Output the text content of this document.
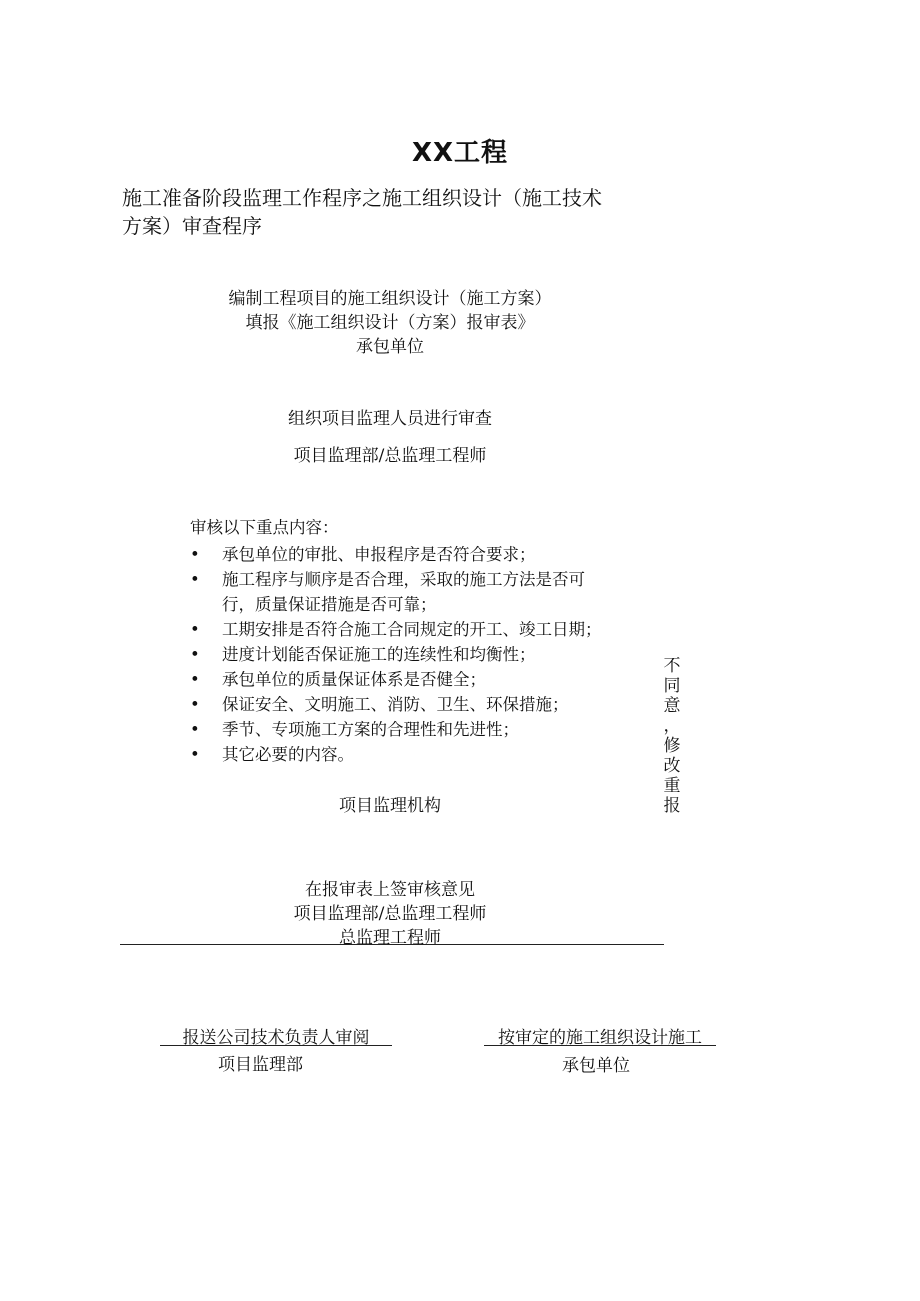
XX工程
施工准备阶段监理工作程序之施工组织设计（施工技术
方案）审查程序
编制工程项目的施工组织设计（施工方案）
填报《施工组织设计（方案）报审表》
承包单位
组织项目监理人员进行审查
项目监理部/总监理工程师
审核以下重点内容：
• 承包单位的审批、申报程序是否符合要求；
• 施工程序与顺序是否合理，采取的施工方法是否可
行，质量保证措施是否可靠；
• 工期安排是否符合施工合同规定的开工、竣工日期；
• 进度计划能否保证施工的连续性和均衡性；
• 承包单位的质量保证体系是否健全；
• 保证安全、文明施工、消防、卫生、环保措施；
• 季节、专项施工方案的合理性和先进性；
• 其它必要的内容。
项目监理机构
不
同
意
，
修
改
重
报
在报审表上签审核意见
项目监理部/总监理工程师
总监理工程师
报送公司技术负责人审阅
项目监理部
按审定的施工组织设计施工
承包单位
